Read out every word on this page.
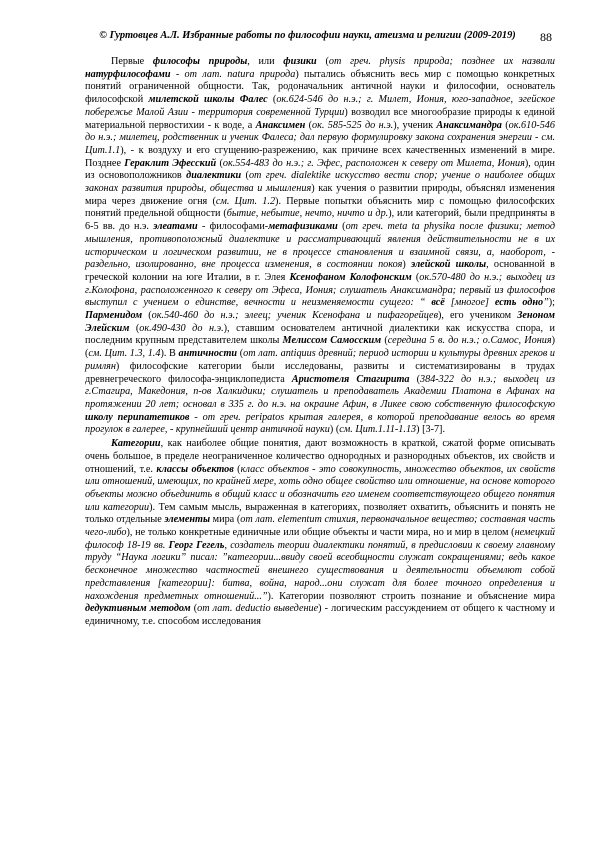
© Гуртовцев А.Л. Избранные работы по философии науки, атеизма и религии (2009-2019)	88

Первые философы природы, или физики (от греч. physis природа; позднее их назвали натурфилософами - от лат. natura природа) пытались объяснить весь мир с помощью конкретных понятий ограниченной общности. Так, родоначальник античной науки и философии, основатель философской милетской школы Фалес (ок.624-546 до н.э.; г. Милет, Иония, юго-западное, эгейское побережье Малой Азии - территория современной Турции) возводил все многообразие природы к единой материальной первостихии - к воде, а Анаксимен (ок. 585-525 до н.э.), ученик Анаксимандра (ок.610-546 до н.э.; милетец, родственник и ученик Фалеса; дал первую формулировку закона сохранения энергии - см. Цит.1.1), - к воздуху и его сгущению-разрежению, как причине всех качественных изменений в мире. Позднее Гераклит Эфесский (ок.554-483 до н.э.; г. Эфес, расположен к северу от Милета, Иония), один из основоположников диалектики (от греч. dialektike искусство вести спор; учение о наиболее общих законах развития природы, общества и мышления) как учения о развитии природы, объяснял изменения мира через движение огня (см. Цит. 1.2). Первые попытки объяснить мир с помощью философских понятий предельной общности (бытие, небытие, нечто, ничто и др.), или категорий, были предприняты в 6-5 вв. до н.э. элеатами - философами-метафизиками (от греч. meta ta physika после физики; метод мышления, противоположный диалектике и рассматривающий явления действительности не в их историческом и логическом развитии, не в процессе становления и взаимной связи, а, наоборот, - раздельно, изолированно, вне процесса изменения, в состоянии покоя) элейской школы, основанной в греческой колонии на юге Италии, в г. Элея Ксенофаном Колофонским (ок.570-480 до н.э.; выходец из г.Колофона, расположенного к северу от Эфеса, Иония; слушатель Анаксимандра; первый из философов выступил с учением о единстве, вечности и неизменяемости сущего: “ всё [многое] есть одно”); Парменидом (ок.540-460 до н.э.; элеец; ученик Ксенофана и пифагорейцев), его учеником Зеноном Элейским (ок.490-430 до н.э.), ставшим основателем античной диалектики как искусства спора, и последним крупным представителем школы Мелиссом Самосским (середина 5 в. до н.э.; о.Самос, Иония) (см. Цит. 1.3, 1.4). В античности (от лат. antiquus древний; период истории и культуры древних греков и римлян) философские категории были исследованы, развиты и систематизированы в трудах древнегреческого философа-энциклопедиста Аристотеля Стагирита (384-322 до н.э.; выходец из г.Стагира, Македония, п-ов Халкидики; слушатель и преподаватель Академии Платона в Афинах на протяжении 20 лет; основал в 335 г. до н.э. на окраине Афин, в Ликее свою собственную философскую школу перипатетиков - от греч. peripatos крытая галерея, в которой преподавание велось во время прогулок в галерее, - крупнейший центр античной науки) (см. Цит.1.11-1.13) [3-7].

Категории, как наиболее общие понятия, дают возможность в краткой, сжатой форме описывать очень большое, в пределе неограниченное количество однородных и разнородных объектов, их свойств и отношений, т.е. классы объектов (класс объектов - это совокупность, множество объектов, их свойств или отношений, имеющих, по крайней мере, хоть одно общее свойство или отношение, на основе которого объекты можно объединить в общий класс и обозначить его именем соответствующего общего понятия или категории). Тем самым мысль, выраженная в категориях, позволяет охватить, объяснить и понять не только отдельные элементы мира (от лат. elementum стихия, первоначальное вещество; составная часть чего-либо), не только конкретные единичные или общие объекты и части мира, но и мир в целом (немецкий философ 18-19 вв. Георг Гегель, создатель теории диалектики понятий, в предисловии к своему главному труду “Наука логики” писал: ”категории...ввиду своей всеобщности служат сокращениями; ведь какое бесконечное множество частностей внешнего существования и деятельности объемлют собой представления [категории]: битва, война, народ...они служат для более точного определения и нахождения предметных отношений...”). Категории позволяют строить познание и объяснение мира дедуктивным методом (от лат. deductio выведение) - логическим рассуждением от общего к частному и единичному, т.е. способом исследования
